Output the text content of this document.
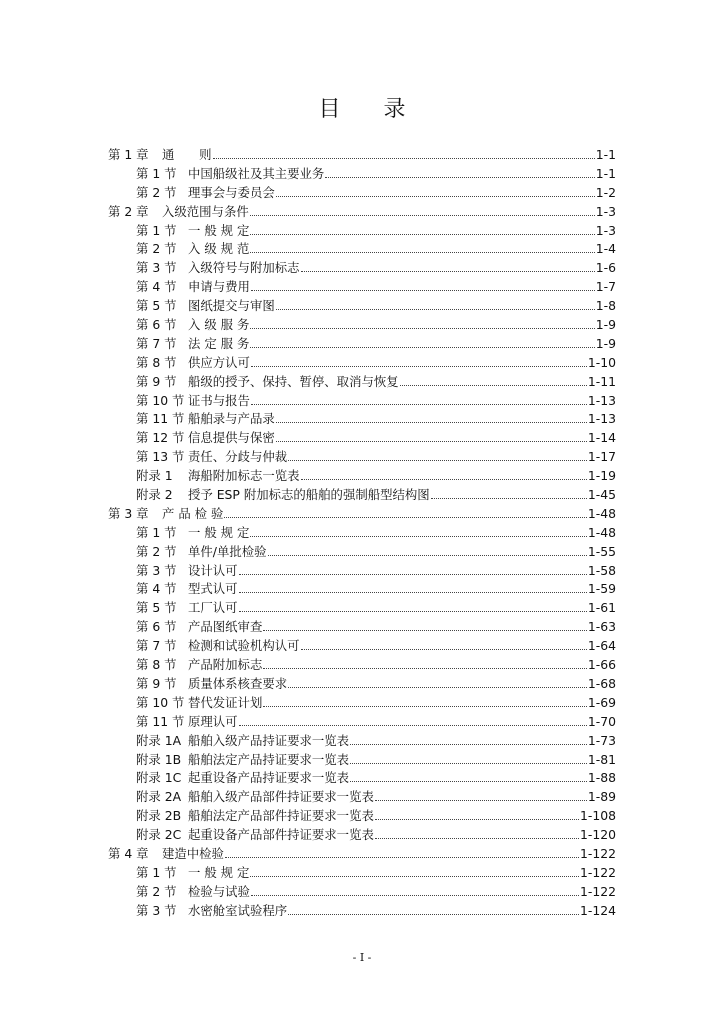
目 录
第 1 章 通　　则	1-1
第 1 节 中国船级社及其主要业务	1-1
第 2 节 理事会与委员会	1-2
第 2 章 入级范围与条件	1-3
第 1 节 一 般 规 定	1-3
第 2 节 入 级 规 范	1-4
第 3 节 入级符号与附加标志	1-6
第 4 节 申请与费用	1-7
第 5 节 图纸提交与审图	1-8
第 6 节 入 级 服 务	1-9
第 7 节 法 定 服 务	1-9
第 8 节 供应方认可	1-10
第 9 节 船级的授予、保持、暂停、取消与恢复	1-11
第 10 节 证书与报告	1-13
第 11 节 船舶录与产品录	1-13
第 12 节 信息提供与保密	1-14
第 13 节 责任、分歧与仲裁	1-17
附录 1 海船附加标志一览表	1-19
附录 2 授予 ESP 附加标志的船舶的强制船型结构图	1-45
第 3 章 产 品 检 验	1-48
第 1 节 一 般 规 定	1-48
第 2 节 单件/单批检验	1-55
第 3 节 设计认可	1-58
第 4 节 型式认可	1-59
第 5 节 工厂认可	1-61
第 6 节 产品图纸审查	1-63
第 7 节 检测和试验机构认可	1-64
第 8 节 产品附加标志	1-66
第 9 节 质量体系核查要求	1-68
第 10 节 替代发证计划	1-69
第 11 节 原理认可	1-70
附录 1A 船舶入级产品持证要求一览表	1-73
附录 1B 船舶法定产品持证要求一览表	1-81
附录 1C 起重设备产品持证要求一览表	1-88
附录 2A 船舶入级产品部件持证要求一览表	1-89
附录 2B 船舶法定产品部件持证要求一览表	1-108
附录 2C 起重设备产品部件持证要求一览表	1-120
第 4 章 建造中检验	1-122
第 1 节 一 般 规 定	1-122
第 2 节 检验与试验	1-122
第 3 节 水密舱室试验程序	1-124
- I -
